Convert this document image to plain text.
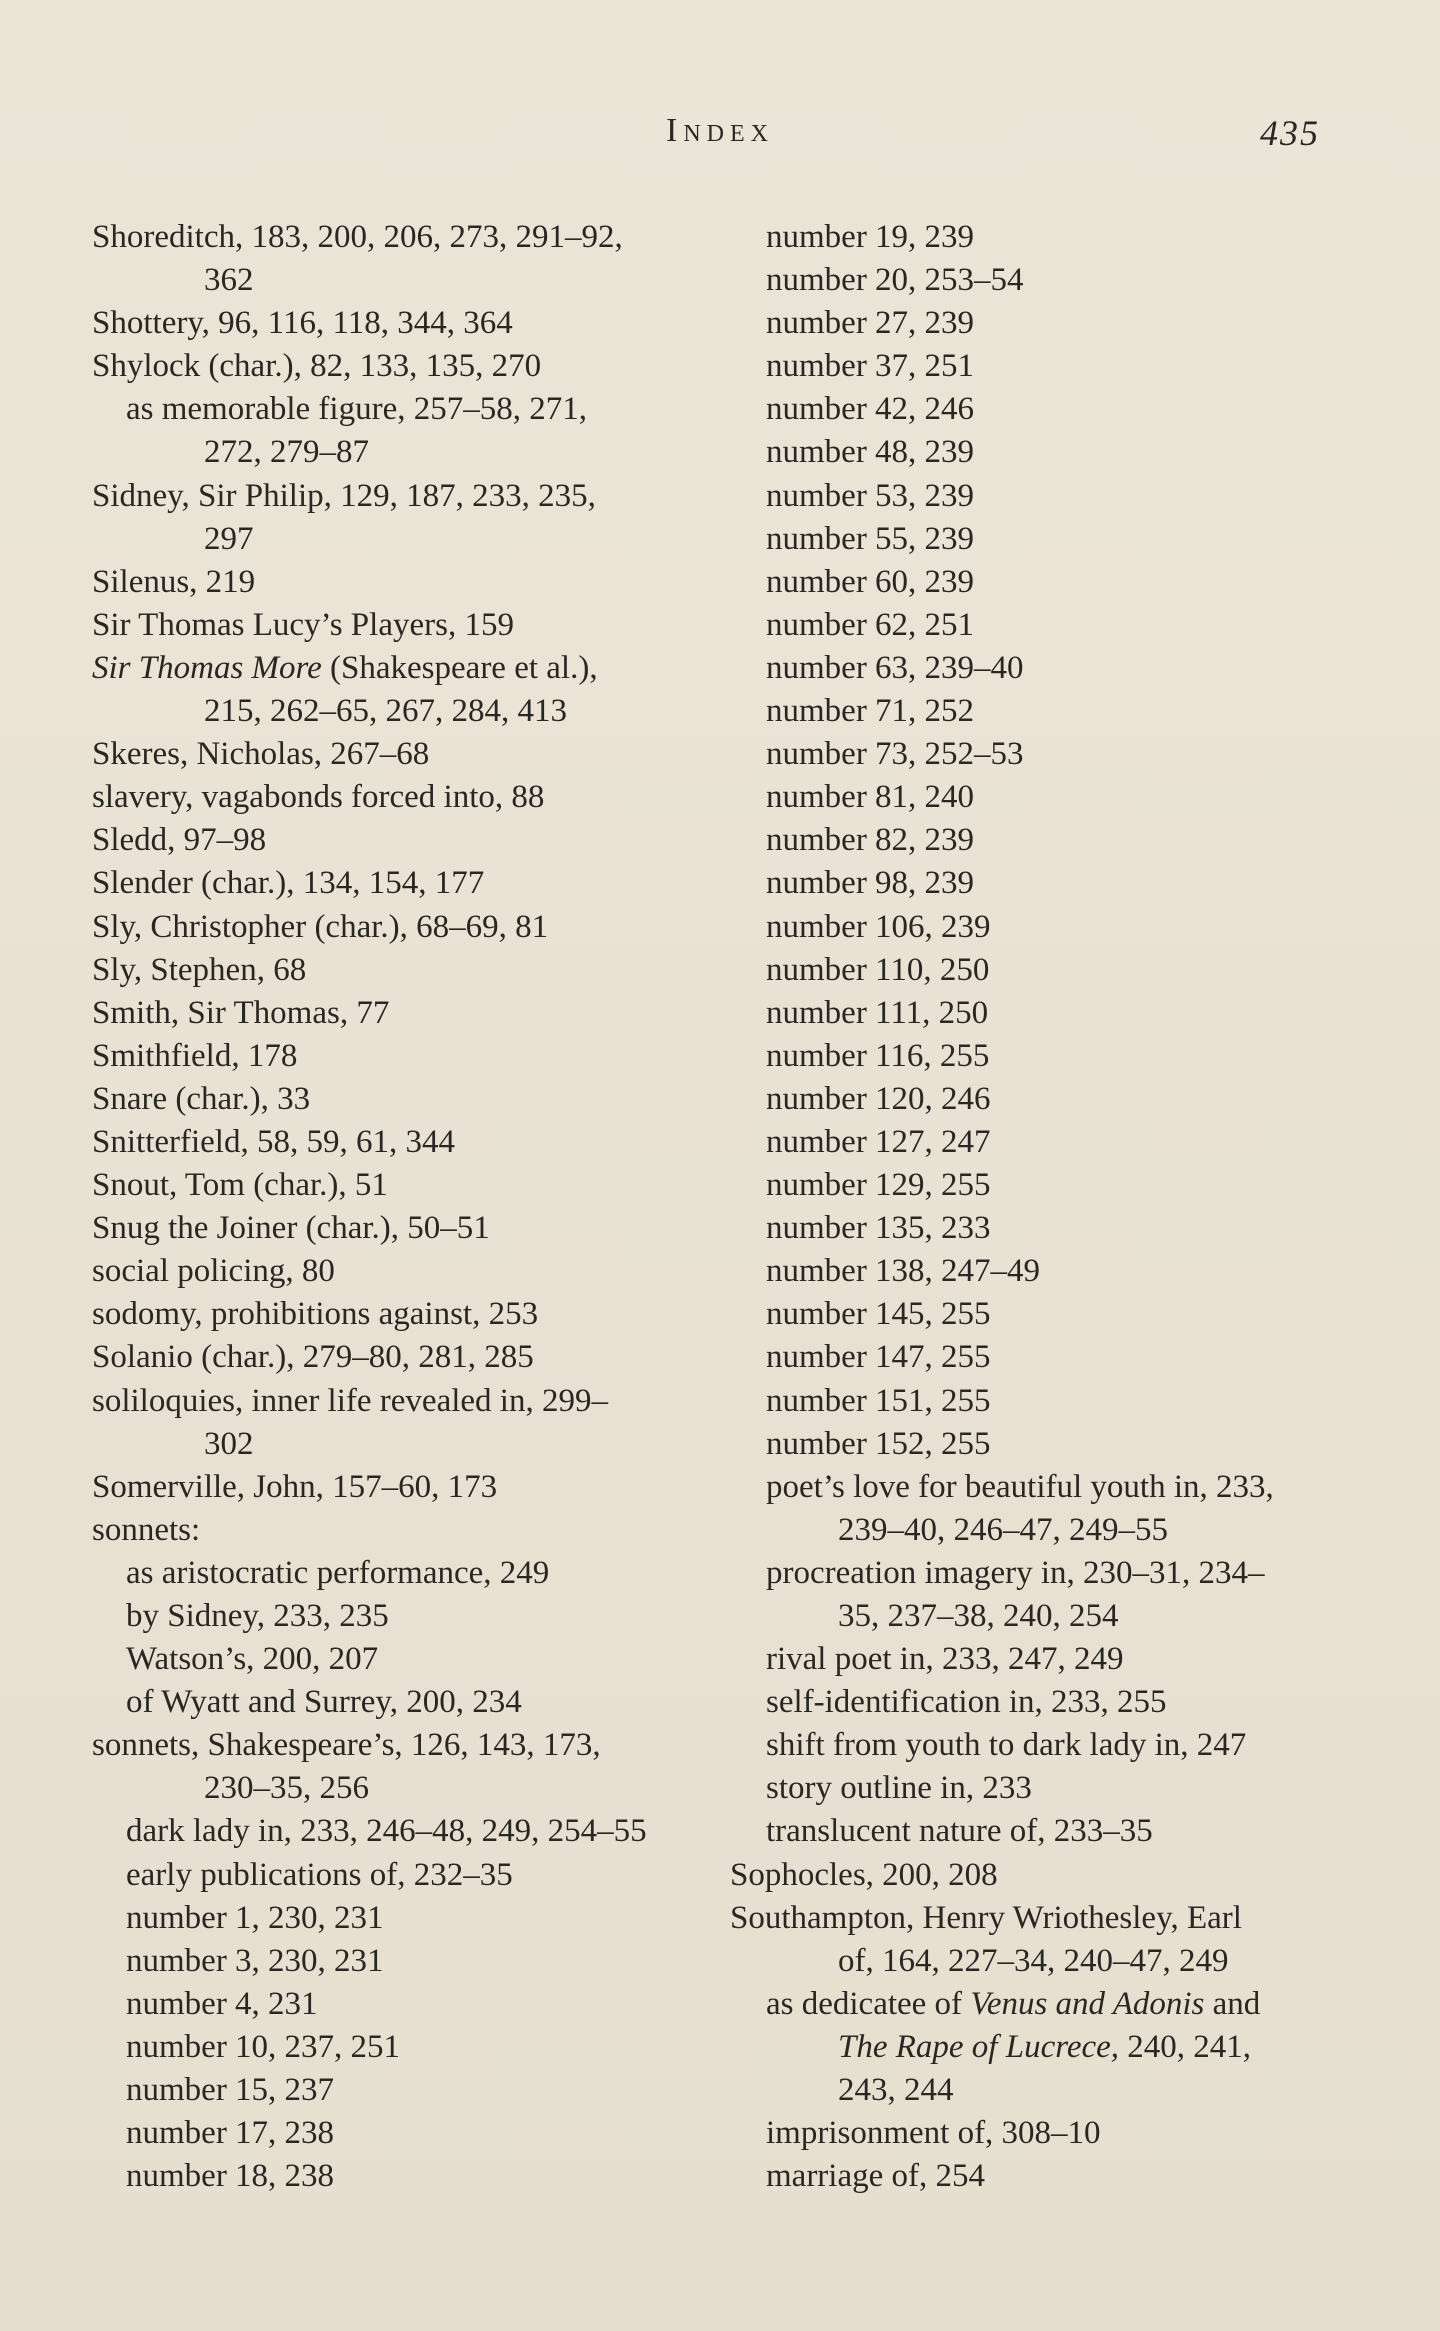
Index	435
Shoreditch, 183, 200, 206, 273, 291–92,
362
Shottery, 96, 116, 118, 344, 364
Shylock (char.), 82, 133, 135, 270
as memorable figure, 257–58, 271,
272, 279–87
Sidney, Sir Philip, 129, 187, 233, 235,
297
Silenus, 219
Sir Thomas Lucy’s Players, 159
Sir Thomas More (Shakespeare et al.),
215, 262–65, 267, 284, 413
Skeres, Nicholas, 267–68
slavery, vagabonds forced into, 88
Sledd, 97–98
Slender (char.), 134, 154, 177
Sly, Christopher (char.), 68–69, 81
Sly, Stephen, 68
Smith, Sir Thomas, 77
Smithfield, 178
Snare (char.), 33
Snitterfield, 58, 59, 61, 344
Snout, Tom (char.), 51
Snug the Joiner (char.), 50–51
social policing, 80
sodomy, prohibitions against, 253
Solanio (char.), 279–80, 281, 285
soliloquies, inner life revealed in, 299–
302
Somerville, John, 157–60, 173
sonnets:
as aristocratic performance, 249
by Sidney, 233, 235
Watson’s, 200, 207
of Wyatt and Surrey, 200, 234
sonnets, Shakespeare’s, 126, 143, 173,
230–35, 256
dark lady in, 233, 246–48, 249, 254–55
early publications of, 232–35
number 1, 230, 231
number 3, 230, 231
number 4, 231
number 10, 237, 251
number 15, 237
number 17, 238
number 18, 238
number 19, 239
number 20, 253–54
number 27, 239
number 37, 251
number 42, 246
number 48, 239
number 53, 239
number 55, 239
number 60, 239
number 62, 251
number 63, 239–40
number 71, 252
number 73, 252–53
number 81, 240
number 82, 239
number 98, 239
number 106, 239
number 110, 250
number 111, 250
number 116, 255
number 120, 246
number 127, 247
number 129, 255
number 135, 233
number 138, 247–49
number 145, 255
number 147, 255
number 151, 255
number 152, 255
poet’s love for beautiful youth in, 233,
239–40, 246–47, 249–55
procreation imagery in, 230–31, 234–
35, 237–38, 240, 254
rival poet in, 233, 247, 249
self-identification in, 233, 255
shift from youth to dark lady in, 247
story outline in, 233
translucent nature of, 233–35
Sophocles, 200, 208
Southampton, Henry Wriothesley, Earl
of, 164, 227–34, 240–47, 249
as dedicatee of Venus and Adonis and
The Rape of Lucrece, 240, 241,
243, 244
imprisonment of, 308–10
marriage of, 254
